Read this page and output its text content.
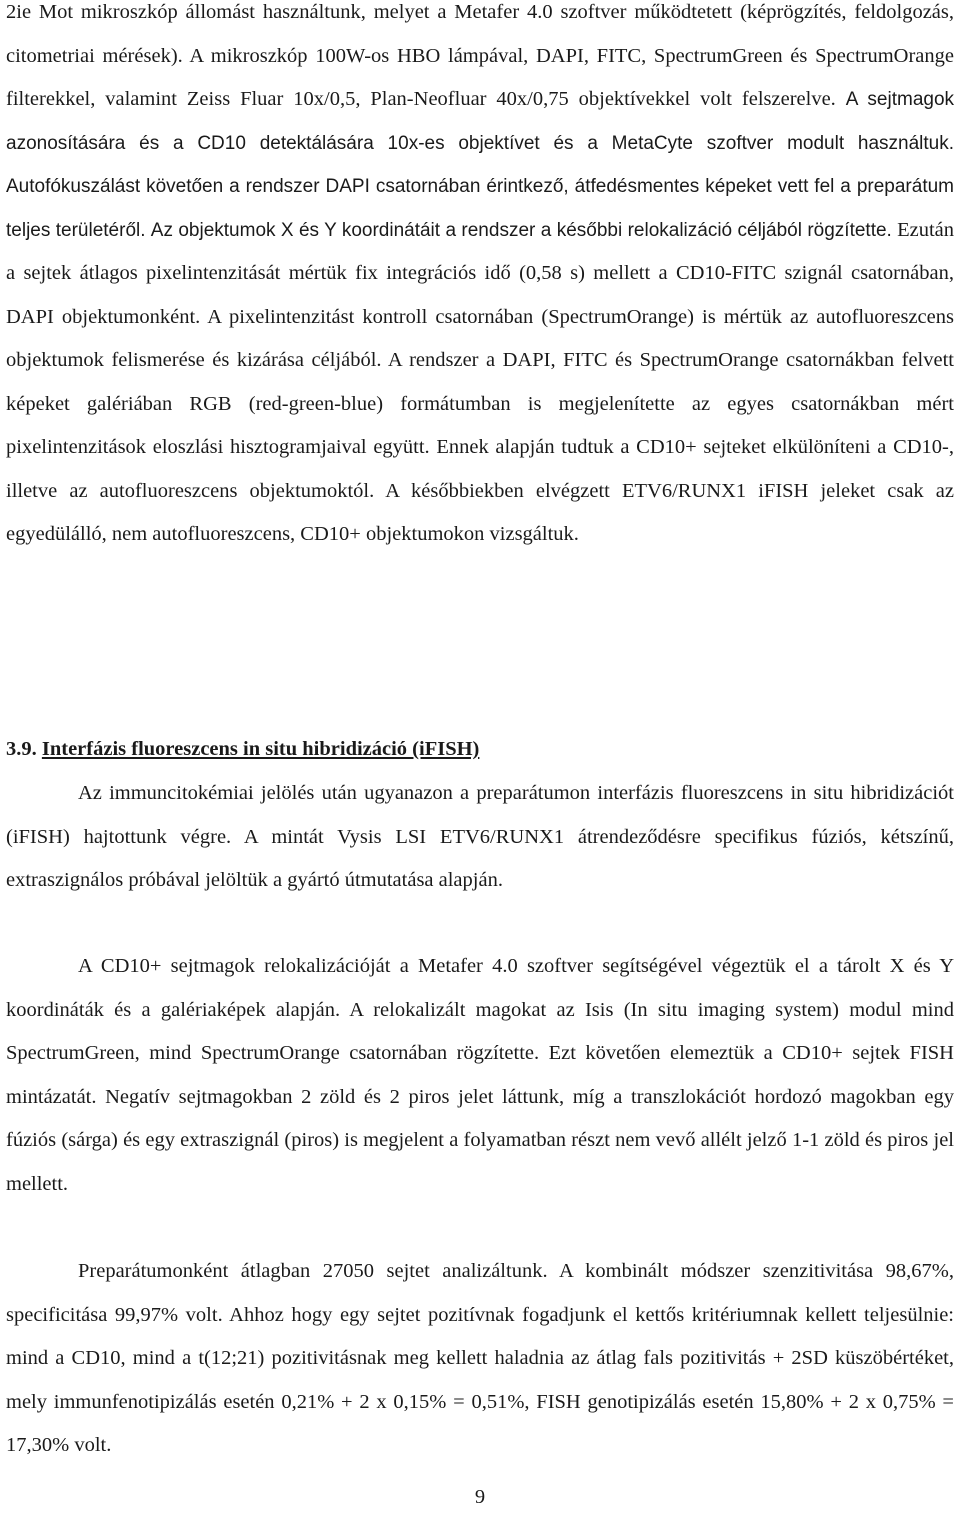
2ie Mot mikroszkóp állomást használtunk, melyet a Metafer 4.0 szoftver működtetett (képrögzítés, feldolgozás, citometriai mérések). A mikroszkóp 100W-os HBO lámpával, DAPI, FITC, SpectrumGreen és SpectrumOrange filterekkel, valamint Zeiss Fluar 10x/0,5, Plan-Neofluar 40x/0,75 objektívekkel volt felszerelve. A sejtmagok azonosítására és a CD10 detektálására 10x-es objektívet és a MetaCyte szoftver modult használtuk. Autofókuszálást követően a rendszer DAPI csatornában érintkező, átfedésmentes képeket vett fel a preparátum teljes területéről. Az objektumok X és Y koordinátáit a rendszer a későbbi relokalizáció céljából rögzítette. Ezután a sejtek átlagos pixelintenzitását mértük fix integrációs idő (0,58 s) mellett a CD10-FITC szignál csatornában, DAPI objektumonként. A pixelintenzitást kontroll csatornában (SpectrumOrange) is mértük az autofluoreszcens objektumok felismerése és kizárása céljából. A rendszer a DAPI, FITC és SpectrumOrange csatornákban felvett képeket galériában RGB (red-green-blue) formátumban is megjelenítette az egyes csatornákban mért pixelintenzitások eloszlási hisztogramjaival együtt. Ennek alapján tudtuk a CD10+ sejteket elkülöníteni a CD10-, illetve az autofluoreszcens objektumoktól. A későbbiekben elvégzett ETV6/RUNX1 iFISH jeleket csak az egyedülálló, nem autofluoreszcens, CD10+ objektumokon vizsgáltuk.

3.9. Interfázis fluoreszcens in situ hibridizáció (iFISH)

Az immuncitokémiai jelölés után ugyanazon a preparátumon interfázis fluoreszcens in situ hibridizációt (iFISH) hajtottunk végre. A mintát Vysis LSI ETV6/RUNX1 átrendeződésre specifikus fúziós, kétszínű, extraszignálos próbával jelöltük a gyártó útmutatása alapján.

A CD10+ sejtmagok relokalizációját a Metafer 4.0 szoftver segítségével végeztük el a tárolt X és Y koordináták és a galériaképek alapján. A relokalizált magokat az Isis (In situ imaging system) modul mind SpectrumGreen, mind SpectrumOrange csatornában rögzítette. Ezt követően elemeztük a CD10+ sejtek FISH mintázatát. Negatív sejtmagokban 2 zöld és 2 piros jelet láttunk, míg a transzlokációt hordozó magokban egy fúziós (sárga) és egy extraszignál (piros) is megjelent a folyamatban részt nem vevő allélt jelző 1-1 zöld és piros jel mellett.

Preparátumonként átlagban 27050 sejtet analizáltunk. A kombinált módszer szenzitivitása 98,67%, specificitása 99,97% volt. Ahhoz hogy egy sejtet pozitívnak fogadjunk el kettős kritériumnak kellett teljesülnie: mind a CD10, mind a t(12;21) pozitivitásnak meg kellett haladnia az átlag fals pozitivitás + 2SD küszöbértéket, mely immunfenotipizálás esetén 0,21% + 2 x 0,15% = 0,51%, FISH genotipizálás esetén 15,80% + 2 x 0,75% = 17,30% volt.

9
